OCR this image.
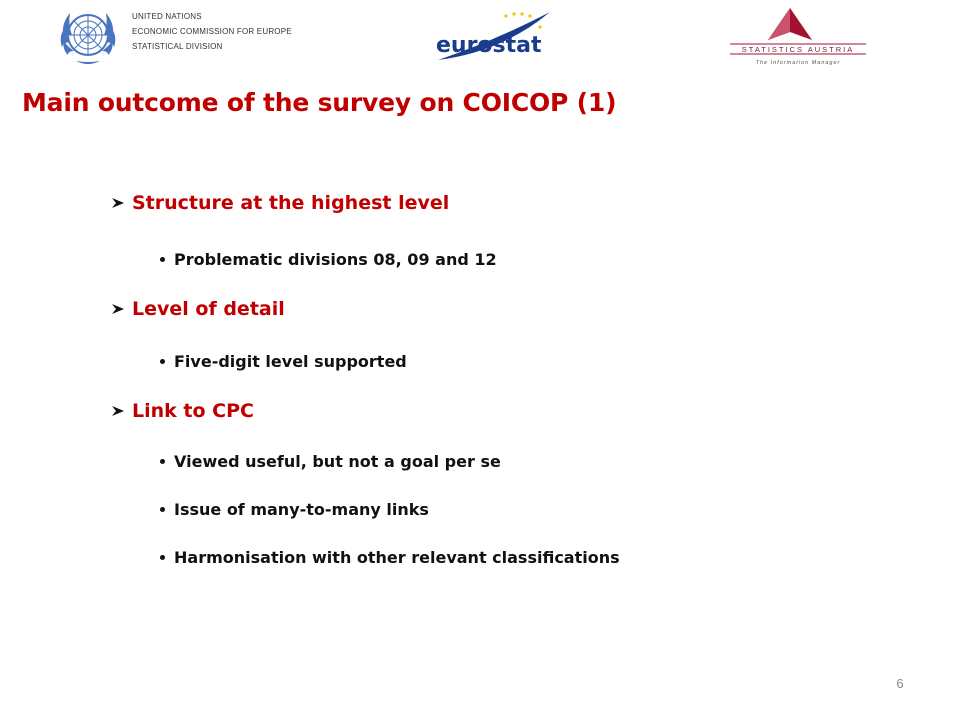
UNITED NATIONS
ECONOMIC COMMISSION FOR EUROPE
STATISTICAL DIVISION	eurostat	STATISTICS AUSTRIA
The Information Manager
Main outcome of the survey on COICOP (1)
Structure at the highest level
Problematic divisions 08, 09 and 12
Level of detail
Five-digit level supported
Link to CPC
Viewed useful, but not a goal per se
Issue of many-to-many links
Harmonisation with other relevant classifications
6
